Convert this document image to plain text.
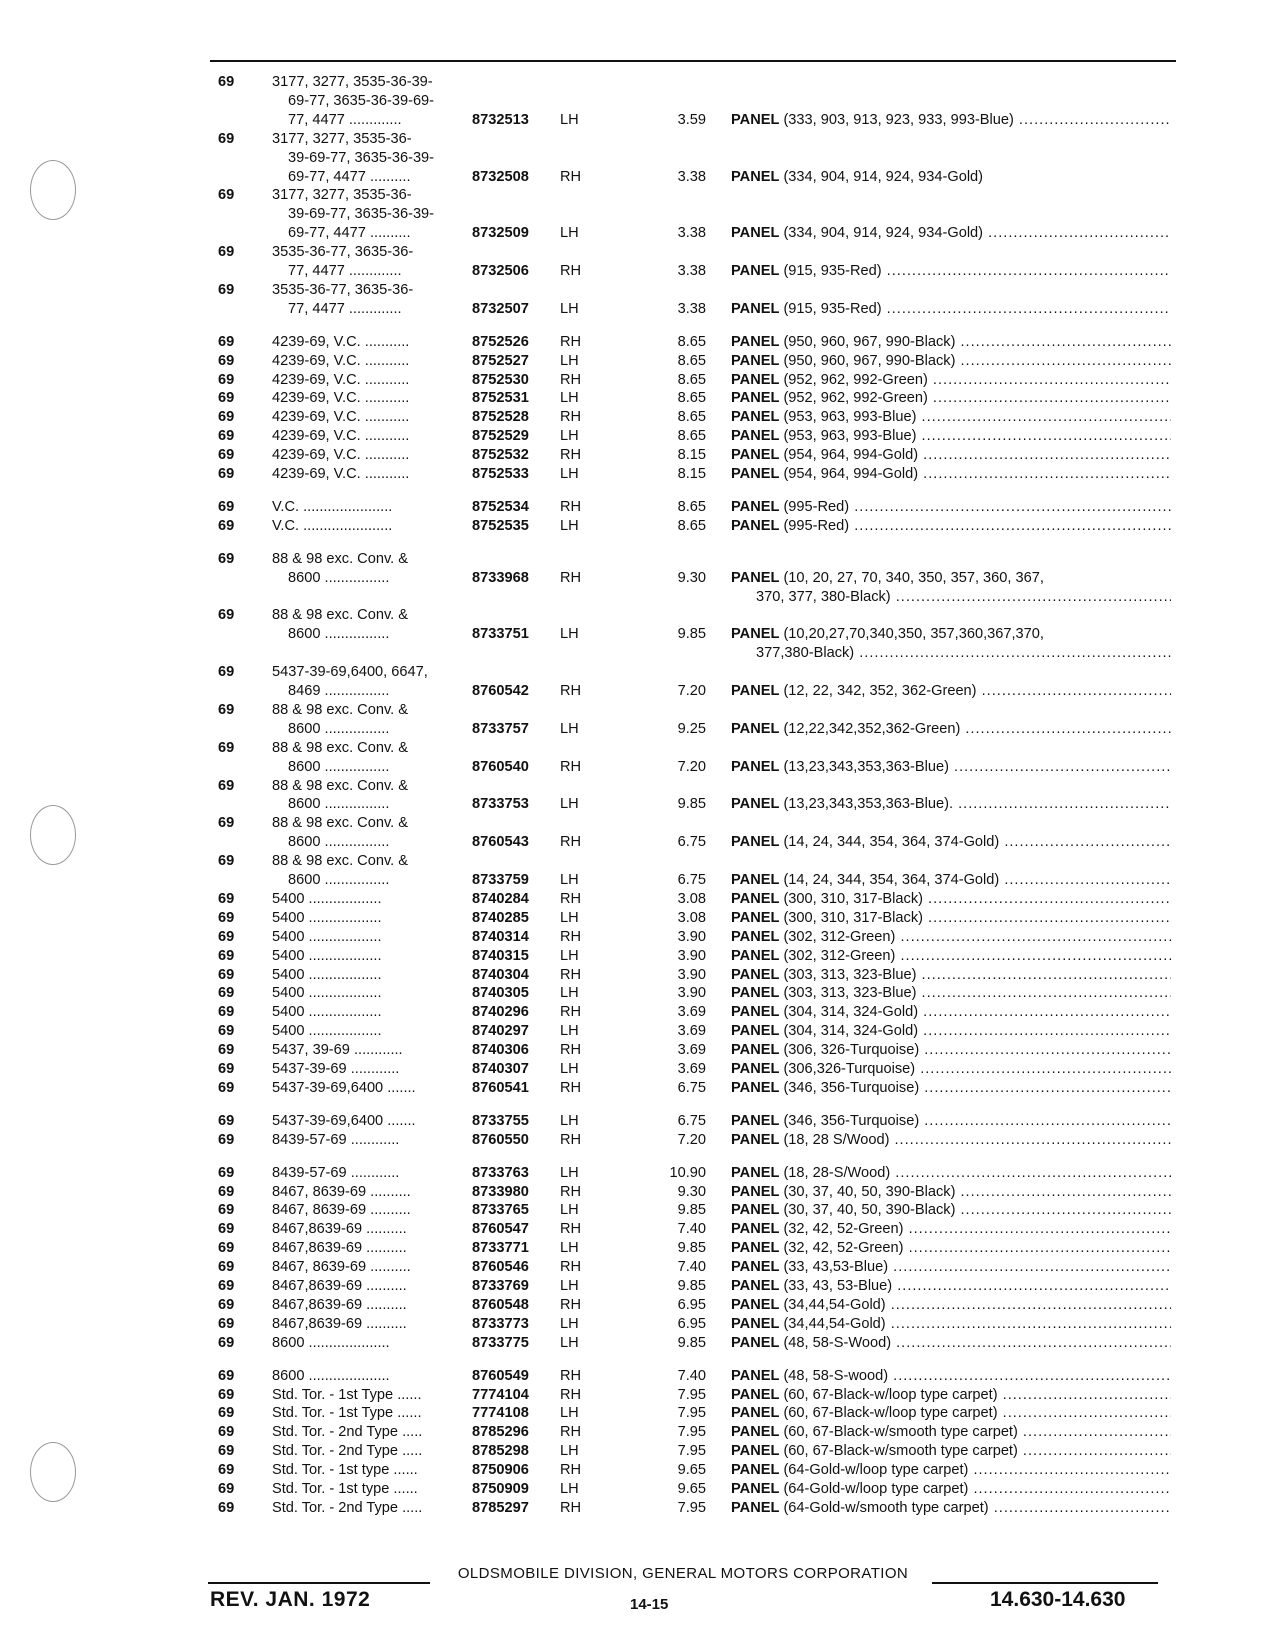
69	3177, 3277, 3535-36-39-
69-77, 3635-36-39-69-
77, 4477 .............	8732513 LH	3.59 PANEL (333, 903, 913, 923, 933, 993-Blue) .....
69	3177, 3277, 3535-36-
39-69-77, 3635-36-39-
69-77, 4477 ..........	8732508 RH	3.38 PANEL (334, 904, 914, 924, 934-Gold)
69	3177, 3277, 3535-36-
39-69-77, 3635-36-39-
69-77, 4477 ..........	8732509 LH	3.38 PANEL (334, 904, 914, 924, 934-Gold) .....
69	3535-36-77, 3635-36-
77, 4477 .............	8732506 RH	3.38 PANEL (915, 935-Red) .....
69	3535-36-77, 3635-36-
77, 4477 .............	8732507 LH	3.38 PANEL (915, 935-Red) .....
69	4239-69, V.C. ...........	8752526 RH	8.65 PANEL (950, 960, 967, 990-Black) .....
69	4239-69, V.C. ...........	8752527 LH	8.65 PANEL (950, 960, 967, 990-Black) .....
69	4239-69, V.C. ...........	8752530 RH	8.65 PANEL (952, 962, 992-Green) .....
69	4239-69, V.C. ...........	8752531 LH	8.65 PANEL (952, 962, 992-Green) .....
69	4239-69, V.C. ...........	8752528 RH	8.65 PANEL (953, 963, 993-Blue) .....
69	4239-69, V.C. ...........	8752529 LH	8.65 PANEL (953, 963, 993-Blue) .....
69	4239-69, V.C. ...........	8752532 RH	8.15 PANEL (954, 964, 994-Gold) .....
69	4239-69, V.C. ...........	8752533 LH	8.15 PANEL (954, 964, 994-Gold) .....
69	V.C. ......................	8752534 RH	8.65 PANEL (995-Red) .....
69	V.C. ......................	8752535 LH	8.65 PANEL (995-Red) .....
69	88 & 98 exc. Conv. &
8600 ................	8733968 RH	9.30 PANEL (10, 20, 27, 70, 340, 350, 357, 360, 367,
370, 377, 380-Black) .....
69	88 & 98 exc. Conv. &
8600 ................	8733751 LH	9.85 PANEL (10,20,27,70,340,350, 357,360,367,370,
377,380-Black) .....
69	5437-39-69,6400, 6647,
8469 ................	8760542 RH	7.20 PANEL (12, 22, 342, 352, 362-Green) .....
69	88 & 98 exc. Conv. &
8600 ................	8733757 LH	9.25 PANEL (12,22,342,352,362-Green) .....
69	88 & 98 exc. Conv. &
8600 ................	8760540 RH	7.20 PANEL (13,23,343,353,363-Blue) .....
69	88 & 98 exc. Conv. &
8600 ................	8733753 LH	9.85 PANEL (13,23,343,353,363-Blue). .....
69	88 & 98 exc. Conv. &
8600 ................	8760543 RH	6.75 PANEL (14, 24, 344, 354, 364, 374-Gold) .....
69	88 & 98 exc. Conv. &
8600 ................	8733759 LH	6.75 PANEL (14, 24, 344, 354, 364, 374-Gold) .....
69	5400 ..................	8740284 RH	3.08 PANEL (300, 310, 317-Black) .....
69	5400 ..................	8740285 LH	3.08 PANEL (300, 310, 317-Black) .....
69	5400 ..................	8740314 RH	3.90 PANEL (302, 312-Green) .....
69	5400 ..................	8740315 LH	3.90 PANEL (302, 312-Green) .....
69	5400 ..................	8740304 RH	3.90 PANEL (303, 313, 323-Blue) .....
69	5400 ..................	8740305 LH	3.90 PANEL (303, 313, 323-Blue) .....
69	5400 ..................	8740296 RH	3.69 PANEL (304, 314, 324-Gold) .....
69	5400 ..................	8740297 LH	3.69 PANEL (304, 314, 324-Gold) .....
69	5437, 39-69 ............	8740306 RH	3.69 PANEL (306, 326-Turquoise) .....
69	5437-39-69 ............	8740307 LH	3.69 PANEL (306,326-Turquoise) .....
69	5437-39-69,6400 .......	8760541 RH	6.75 PANEL (346, 356-Turquoise) .....
69	5437-39-69,6400 .......	8733755 LH	6.75 PANEL (346, 356-Turquoise) .....
69	8439-57-69 ............	8760550 RH	7.20 PANEL (18, 28 S/Wood) .....
69	8439-57-69 ............	8733763 LH	10.90 PANEL (18, 28-S/Wood) .....
69	8467, 8639-69 ..........	8733980 RH	9.30 PANEL (30, 37, 40, 50, 390-Black) .....
69	8467, 8639-69 ..........	8733765 LH	9.85 PANEL (30, 37, 40, 50, 390-Black) .....
69	8467,8639-69 ..........	8760547 RH	7.40 PANEL (32, 42, 52-Green) .....
69	8467,8639-69 ..........	8733771 LH	9.85 PANEL (32, 42, 52-Green) .....
69	8467, 8639-69 ..........	8760546 RH	7.40 PANEL (33, 43,53-Blue) .....
69	8467,8639-69 ..........	8733769 LH	9.85 PANEL (33, 43, 53-Blue) .....
69	8467,8639-69 ..........	8760548 RH	6.95 PANEL (34,44,54-Gold) .....
69	8467,8639-69 ..........	8733773 LH	6.95 PANEL (34,44,54-Gold) .....
69	8600 ....................	8733775 LH	9.85 PANEL (48, 58-S-Wood) .....
69	8600 ....................	8760549 RH	7.40 PANEL (48, 58-S-wood) .....
69	Std. Tor. - 1st Type ......	7774104 RH	7.95 PANEL (60, 67-Black-w/loop type carpet) .....
69	Std. Tor. - 1st Type ......	7774108 LH	7.95 PANEL (60, 67-Black-w/loop type carpet) .....
69	Std. Tor. - 2nd Type .....	8785296 RH	7.95 PANEL (60, 67-Black-w/smooth type carpet) .....
69	Std. Tor. - 2nd Type .....	8785298 LH	7.95 PANEL (60, 67-Black-w/smooth type carpet) .....
69	Std. Tor. - 1st type ......	8750906 RH	9.65 PANEL (64-Gold-w/loop type carpet) .....
69	Std. Tor. - 1st type ......	8750909 LH	9.65 PANEL (64-Gold-w/loop type carpet) .....
69	Std. Tor. - 2nd Type .....	8785297 RH	7.95 PANEL (64-Gold-w/smooth type carpet) .....
OLDSMOBILE DIVISION, GENERAL MOTORS CORPORATION
REV. JAN. 1972	14-15	14.630-14.630
